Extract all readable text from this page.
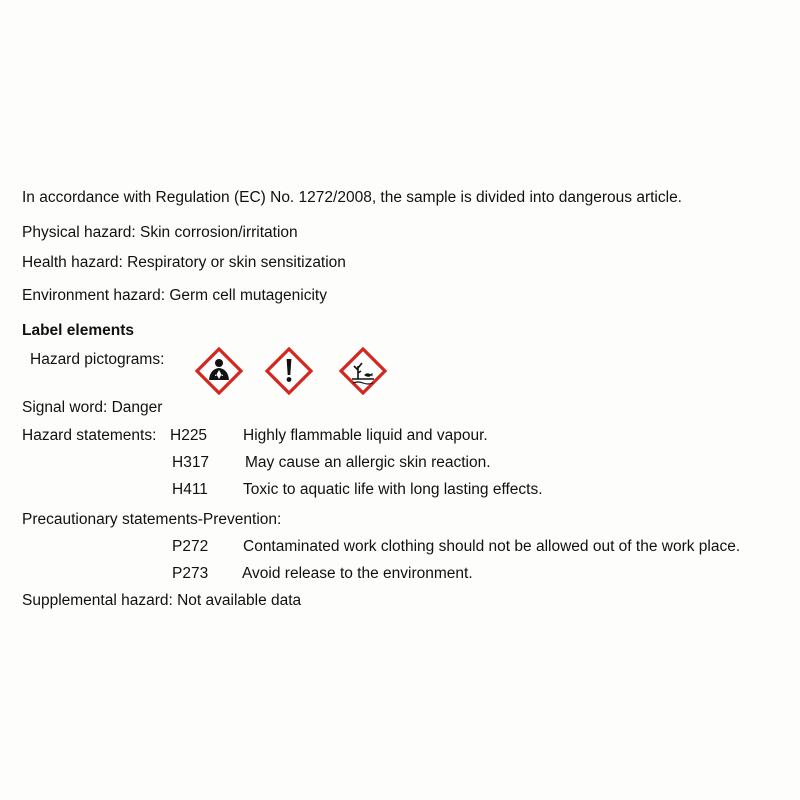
In accordance with Regulation (EC) No. 1272/2008, the sample is divided into dangerous article.
Physical hazard: Skin corrosion/irritation
Health hazard: Respiratory or skin sensitization
Environment hazard: Germ cell mutagenicity
Label elements
Hazard pictograms:
Signal word: Danger
Hazard statements: H225 Highly flammable liquid and vapour.
H317 May cause an allergic skin reaction.
H411 Toxic to aquatic life with long lasting effects.
Precautionary statements-Prevention:
P272 Contaminated work clothing should not be allowed out of the work place.
P273 Avoid release to the environment.
Supplemental hazard: Not available data
